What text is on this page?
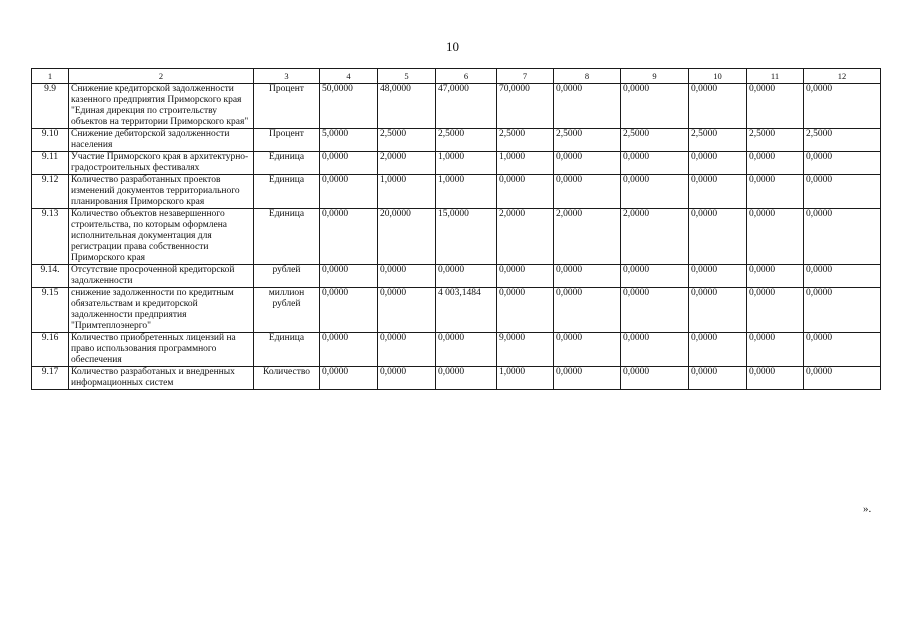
10
1	2	3	4	5	6	7	8	9	10	11	12
9.9	Снижение кредиторской задолженности казенного предприятия Приморского края "Единая дирекция по строительству объектов на территории Приморского края"	Процент	50,0000	48,0000	47,0000	70,0000	0,0000	0,0000	0,0000	0,0000	0,0000
9.10	Снижение дебиторской задолженности населения	Процент	5,0000	2,5000	2,5000	2,5000	2,5000	2,5000	2,5000	2,5000	2,5000
9.11	Участие Приморского края в архитектурно-градостроительных фестивалях	Единица	0,0000	2,0000	1,0000	1,0000	0,0000	0,0000	0,0000	0,0000	0,0000
9.12	Количество разработанных проектов изменений документов территориального планирования Приморского края	Единица	0,0000	1,0000	1,0000	0,0000	0,0000	0,0000	0,0000	0,0000	0,0000
9.13	Количество объектов незавершенного строительства, по которым оформлена исполнительная документация для регистрации права собственности Приморского края	Единица	0,0000	20,0000	15,0000	2,0000	2,0000	2,0000	0,0000	0,0000	0,0000
9.14.	Отсутствие просроченной кредиторской задолженности	рублей	0,0000	0,0000	0,0000	0,0000	0,0000	0,0000	0,0000	0,0000	0,0000
9.15	снижение задолженности по кредитным обязательствам и кредиторской задолженности предприятия "Примтеплоэнерго"	миллион рублей	0,0000	0,0000	4 003,1484	0,0000	0,0000	0,0000	0,0000	0,0000	0,0000
9.16	Количество приобретенных лицензий на право использования программного обеспечения	Единица	0,0000	0,0000	0,0000	9,0000	0,0000	0,0000	0,0000	0,0000	0,0000
9.17	Количество разработаных и внедренных информационных систем	Количество	0,0000	0,0000	0,0000	1,0000	0,0000	0,0000	0,0000	0,0000	0,0000
».
